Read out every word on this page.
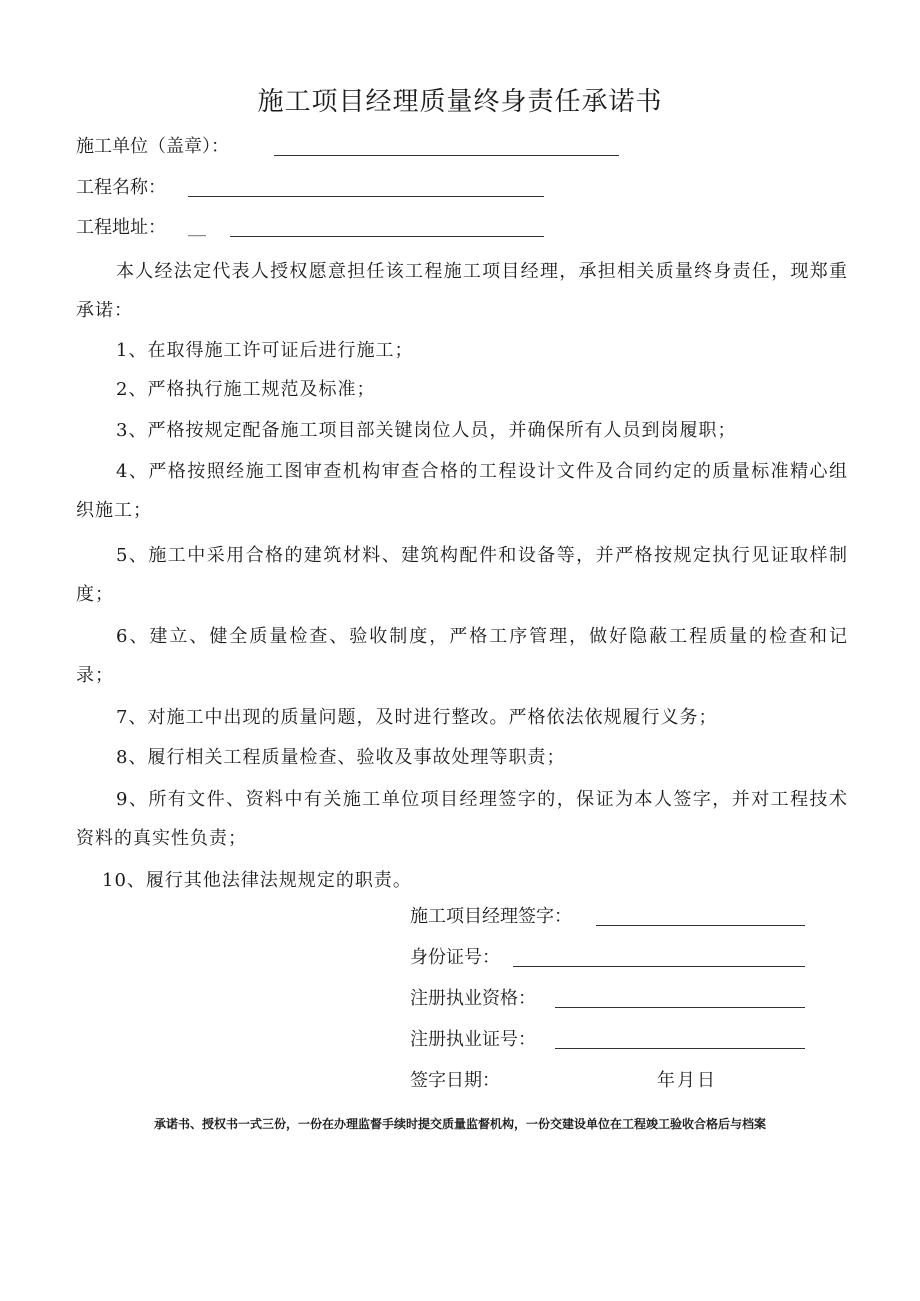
施工项目经理质量终身责任承诺书
施工单位（盖章）：
工程名称：
工程地址： __
本人经法定代表人授权愿意担任该工程施工项目经理，承担相关质量终身责任，现郑重承诺：
1、在取得施工许可证后进行施工；
2、严格执行施工规范及标准；
3、严格按规定配备施工项目部关键岗位人员，并确保所有人员到岗履职；
4、严格按照经施工图审查机构审查合格的工程设计文件及合同约定的质量标准精心组织施工；
5、施工中采用合格的建筑材料、建筑构配件和设备等，并严格按规定执行见证取样制度；
6、建立、健全质量检查、验收制度，严格工序管理，做好隐蔽工程质量的检查和记录；
7、对施工中出现的质量问题，及时进行整改。严格依法依规履行义务；
8、履行相关工程质量检查、验收及事故处理等职责；
9、所有文件、资料中有关施工单位项目经理签字的，保证为本人签字，并对工程技术资料的真实性负责；
10、履行其他法律法规规定的职责。
施工项目经理签字：
身份证号：
注册执业资格：
注册执业证号：
签字日期：	年月日
承诺书、授权书一式三份，一份在办理监督手续时提交质量监督机构，一份交建设单位在工程竣工验收合格后与档案
